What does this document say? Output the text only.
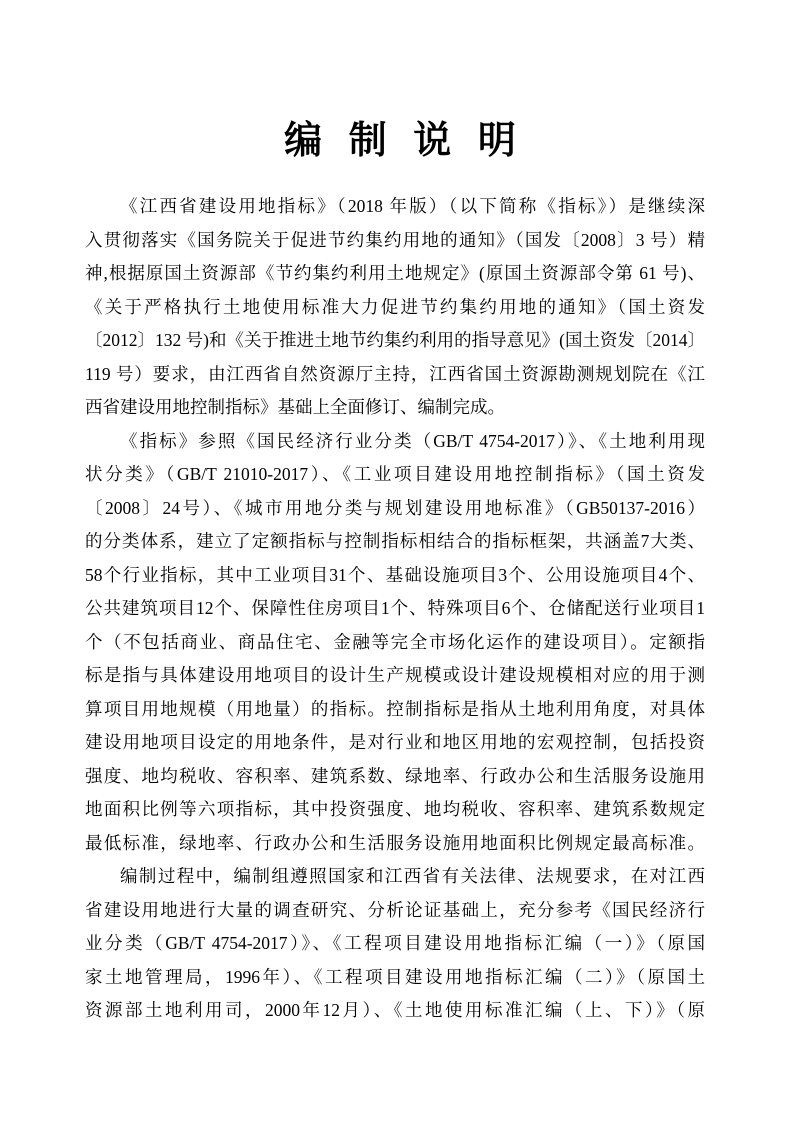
编 制 说 明
《江西省建设用地指标》（2018 年版）（以下简称《指标》）是继续深
入贯彻落实《国务院关于促进节约集约用地的通知》（国发〔2008〕3 号）精
神,根据原国土资源部《节约集约利用土地规定》(原国土资源部令第 61 号)、
《关于严格执行土地使用标准大力促进节约集约用地的通知》（国土资发
〔2012〕132 号)和《关于推进土地节约集约利用的指导意见》(国土资发〔2014〕
119 号）要求，由江西省自然资源厅主持，江西省国土资源勘测规划院在《江
西省建设用地控制指标》基础上全面修订、编制完成。
《指标》参照《国民经济行业分类（GB/T 4754-2017）》、《土地利用现
状分类》（GB/T 21010-2017）、《工业项目建设用地控制指标》（国土资发
〔2008〕24号）、《城市用地分类与规划建设用地标准》（GB50137-2016）
的分类体系，建立了定额指标与控制指标相结合的指标框架，共涵盖7大类、
58个行业指标，其中工业项目31个、基础设施项目3个、公用设施项目4个、
公共建筑项目12个、保障性住房项目1个、特殊项目6个、仓储配送行业项目1
个（不包括商业、商品住宅、金融等完全市场化运作的建设项目）。定额指
标是指与具体建设用地项目的设计生产规模或设计建设规模相对应的用于测
算项目用地规模（用地量）的指标。控制指标是指从土地利用角度，对具体
建设用地项目设定的用地条件，是对行业和地区用地的宏观控制，包括投资
强度、地均税收、容积率、建筑系数、绿地率、行政办公和生活服务设施用
地面积比例等六项指标，其中投资强度、地均税收、容积率、建筑系数规定
最低标准，绿地率、行政办公和生活服务设施用地面积比例规定最高标准。
编制过程中，编制组遵照国家和江西省有关法律、法规要求，在对江西
省建设用地进行大量的调查研究、分析论证基础上，充分参考《国民经济行
业分类（GB/T 4754-2017）》、《工程项目建设用地指标汇编（一）》（原国
家土地管理局，1996年）、《工程项目建设用地指标汇编（二）》（原国土
资源部土地利用司，2000年12月）、《土地使用标准汇编（上、下）》（原
